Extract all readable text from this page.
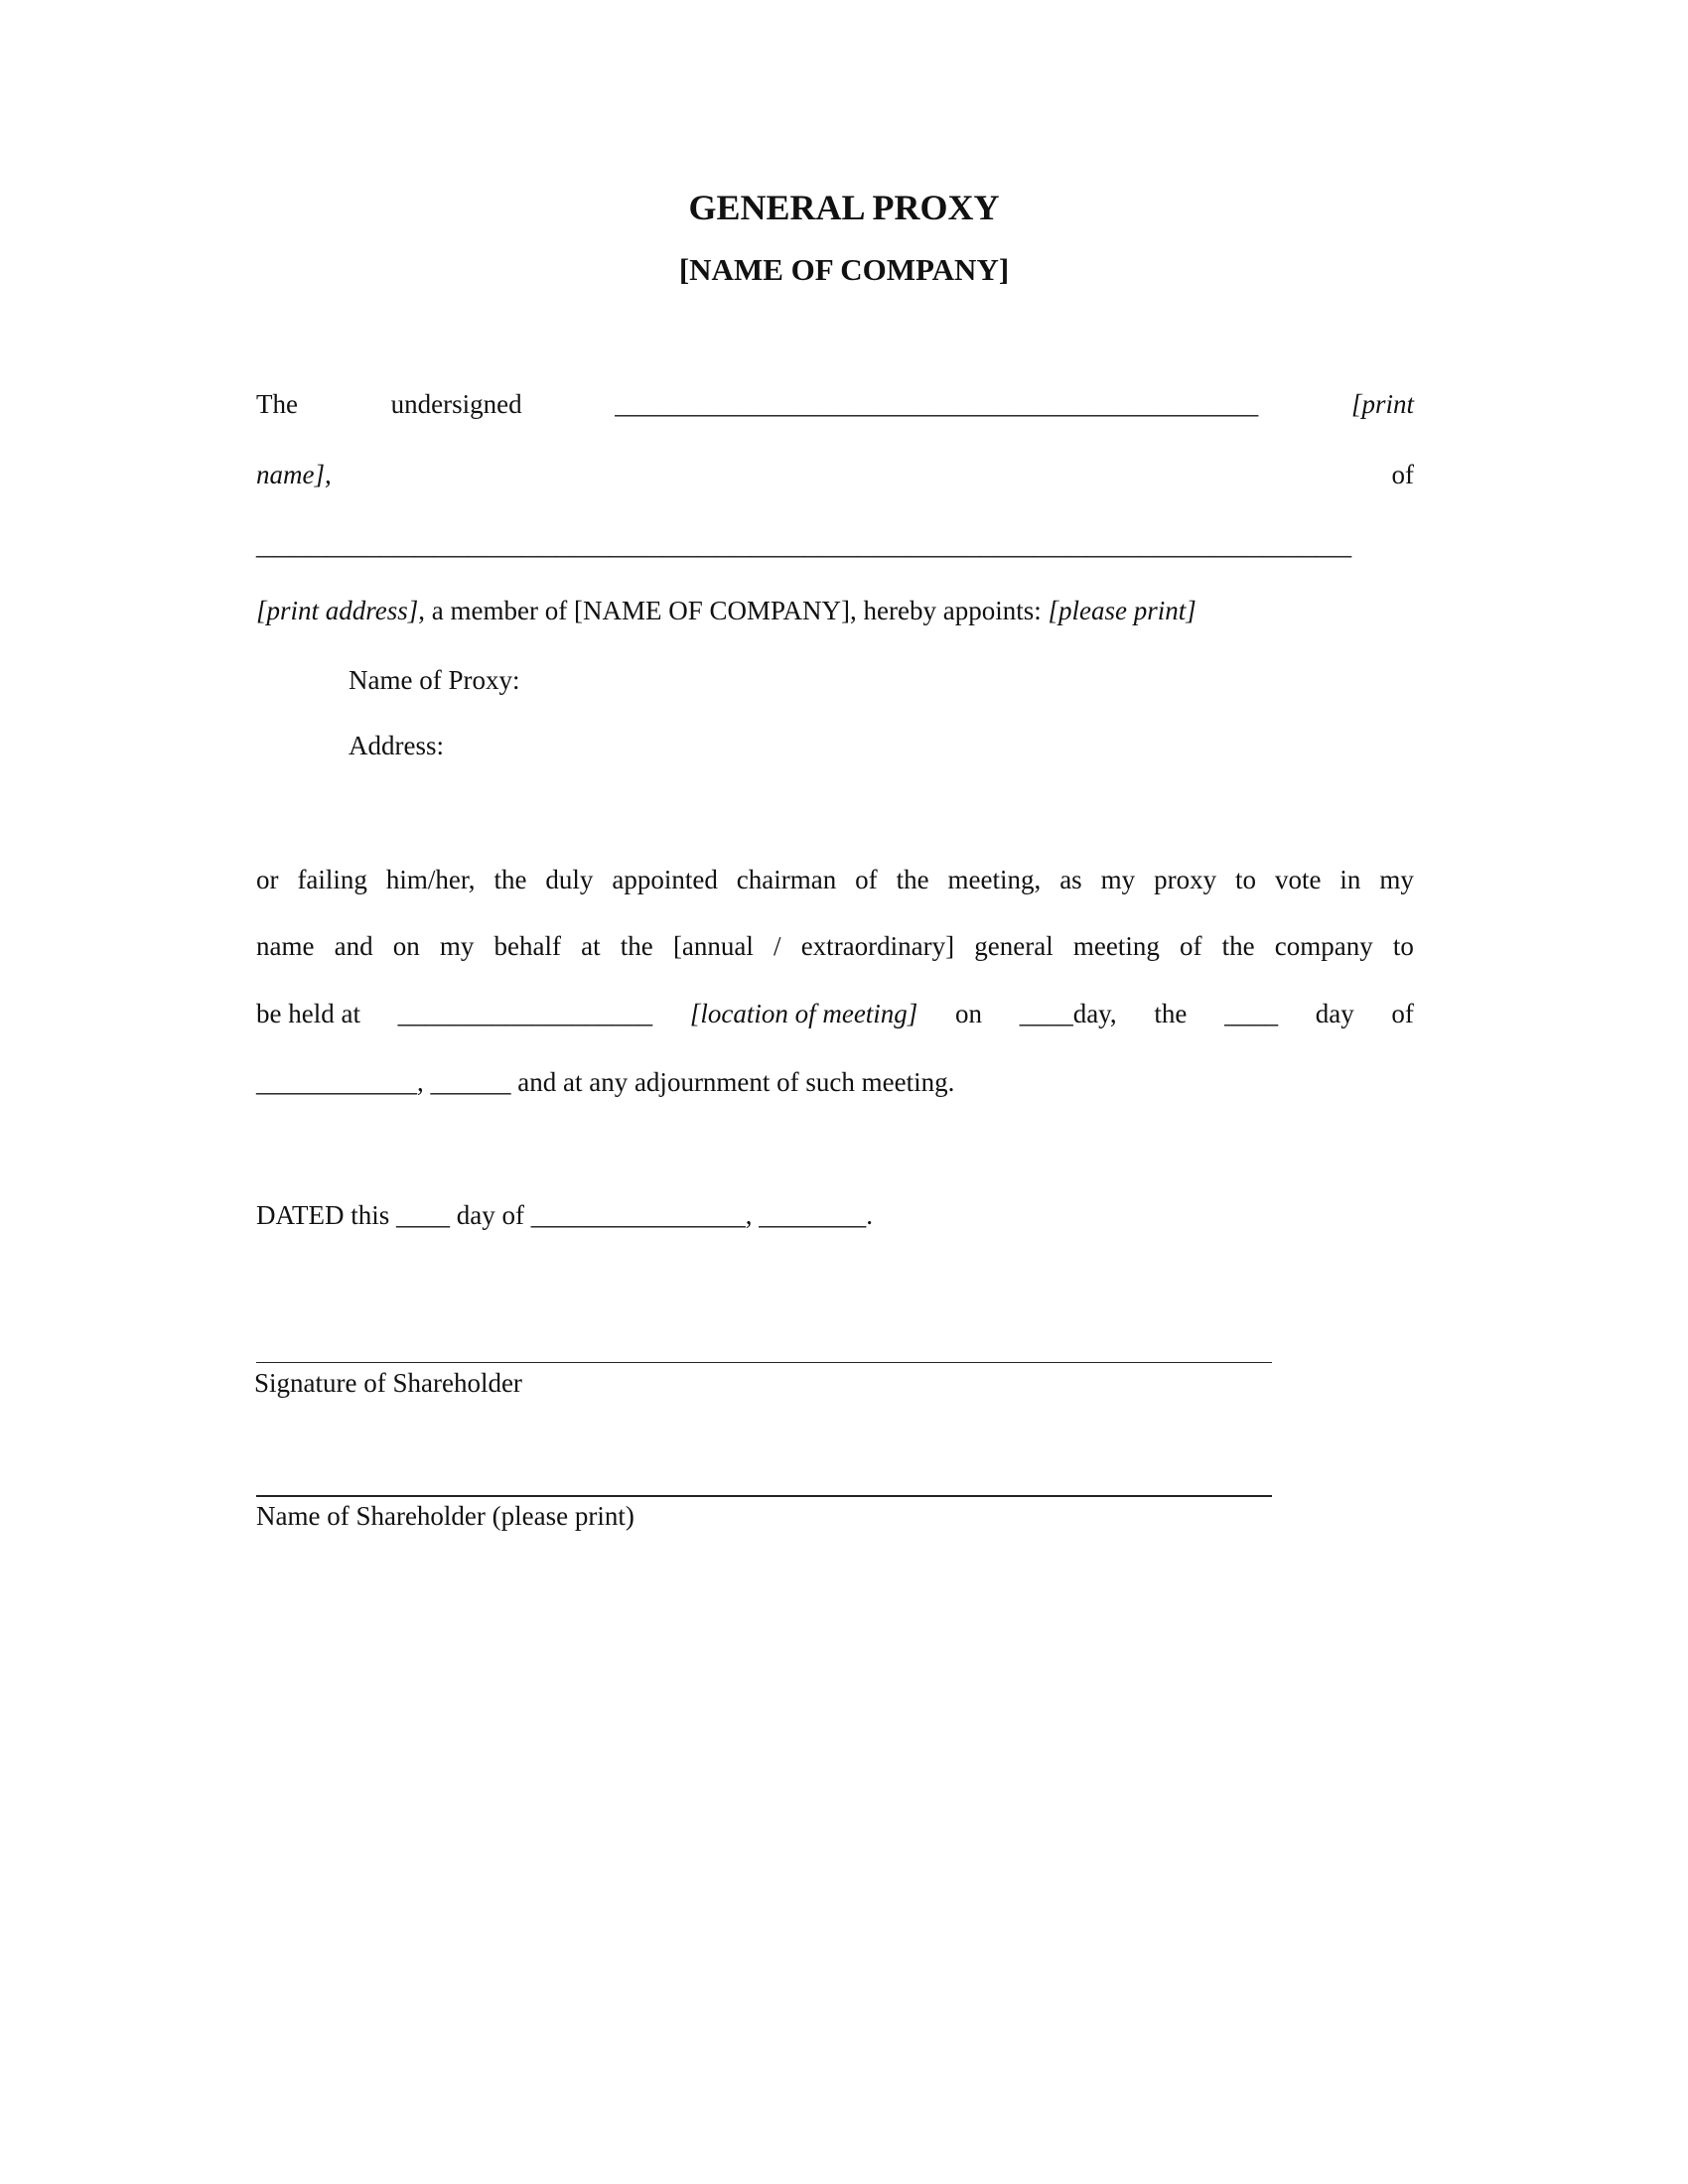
GENERAL PROXY
[NAME OF COMPANY]
The	undersigned	________________________________________________	[print
name],	of
______________________________________________________________
[print address], a member of [NAME OF COMPANY], hereby appoints: [please print]
Name of Proxy:
Address:
or failing him/her, the duly appointed chairman of the meeting, as my proxy to vote in my
name and on my behalf at the [annual / extraordinary] general meeting of the company to
be held at ___________________ [location of meeting] on ____day, the ____ day of
____________, ______ and at any adjournment of such meeting.
DATED this ____ day of ________________, ________.
Signature of Shareholder
Name of Shareholder (please print)
